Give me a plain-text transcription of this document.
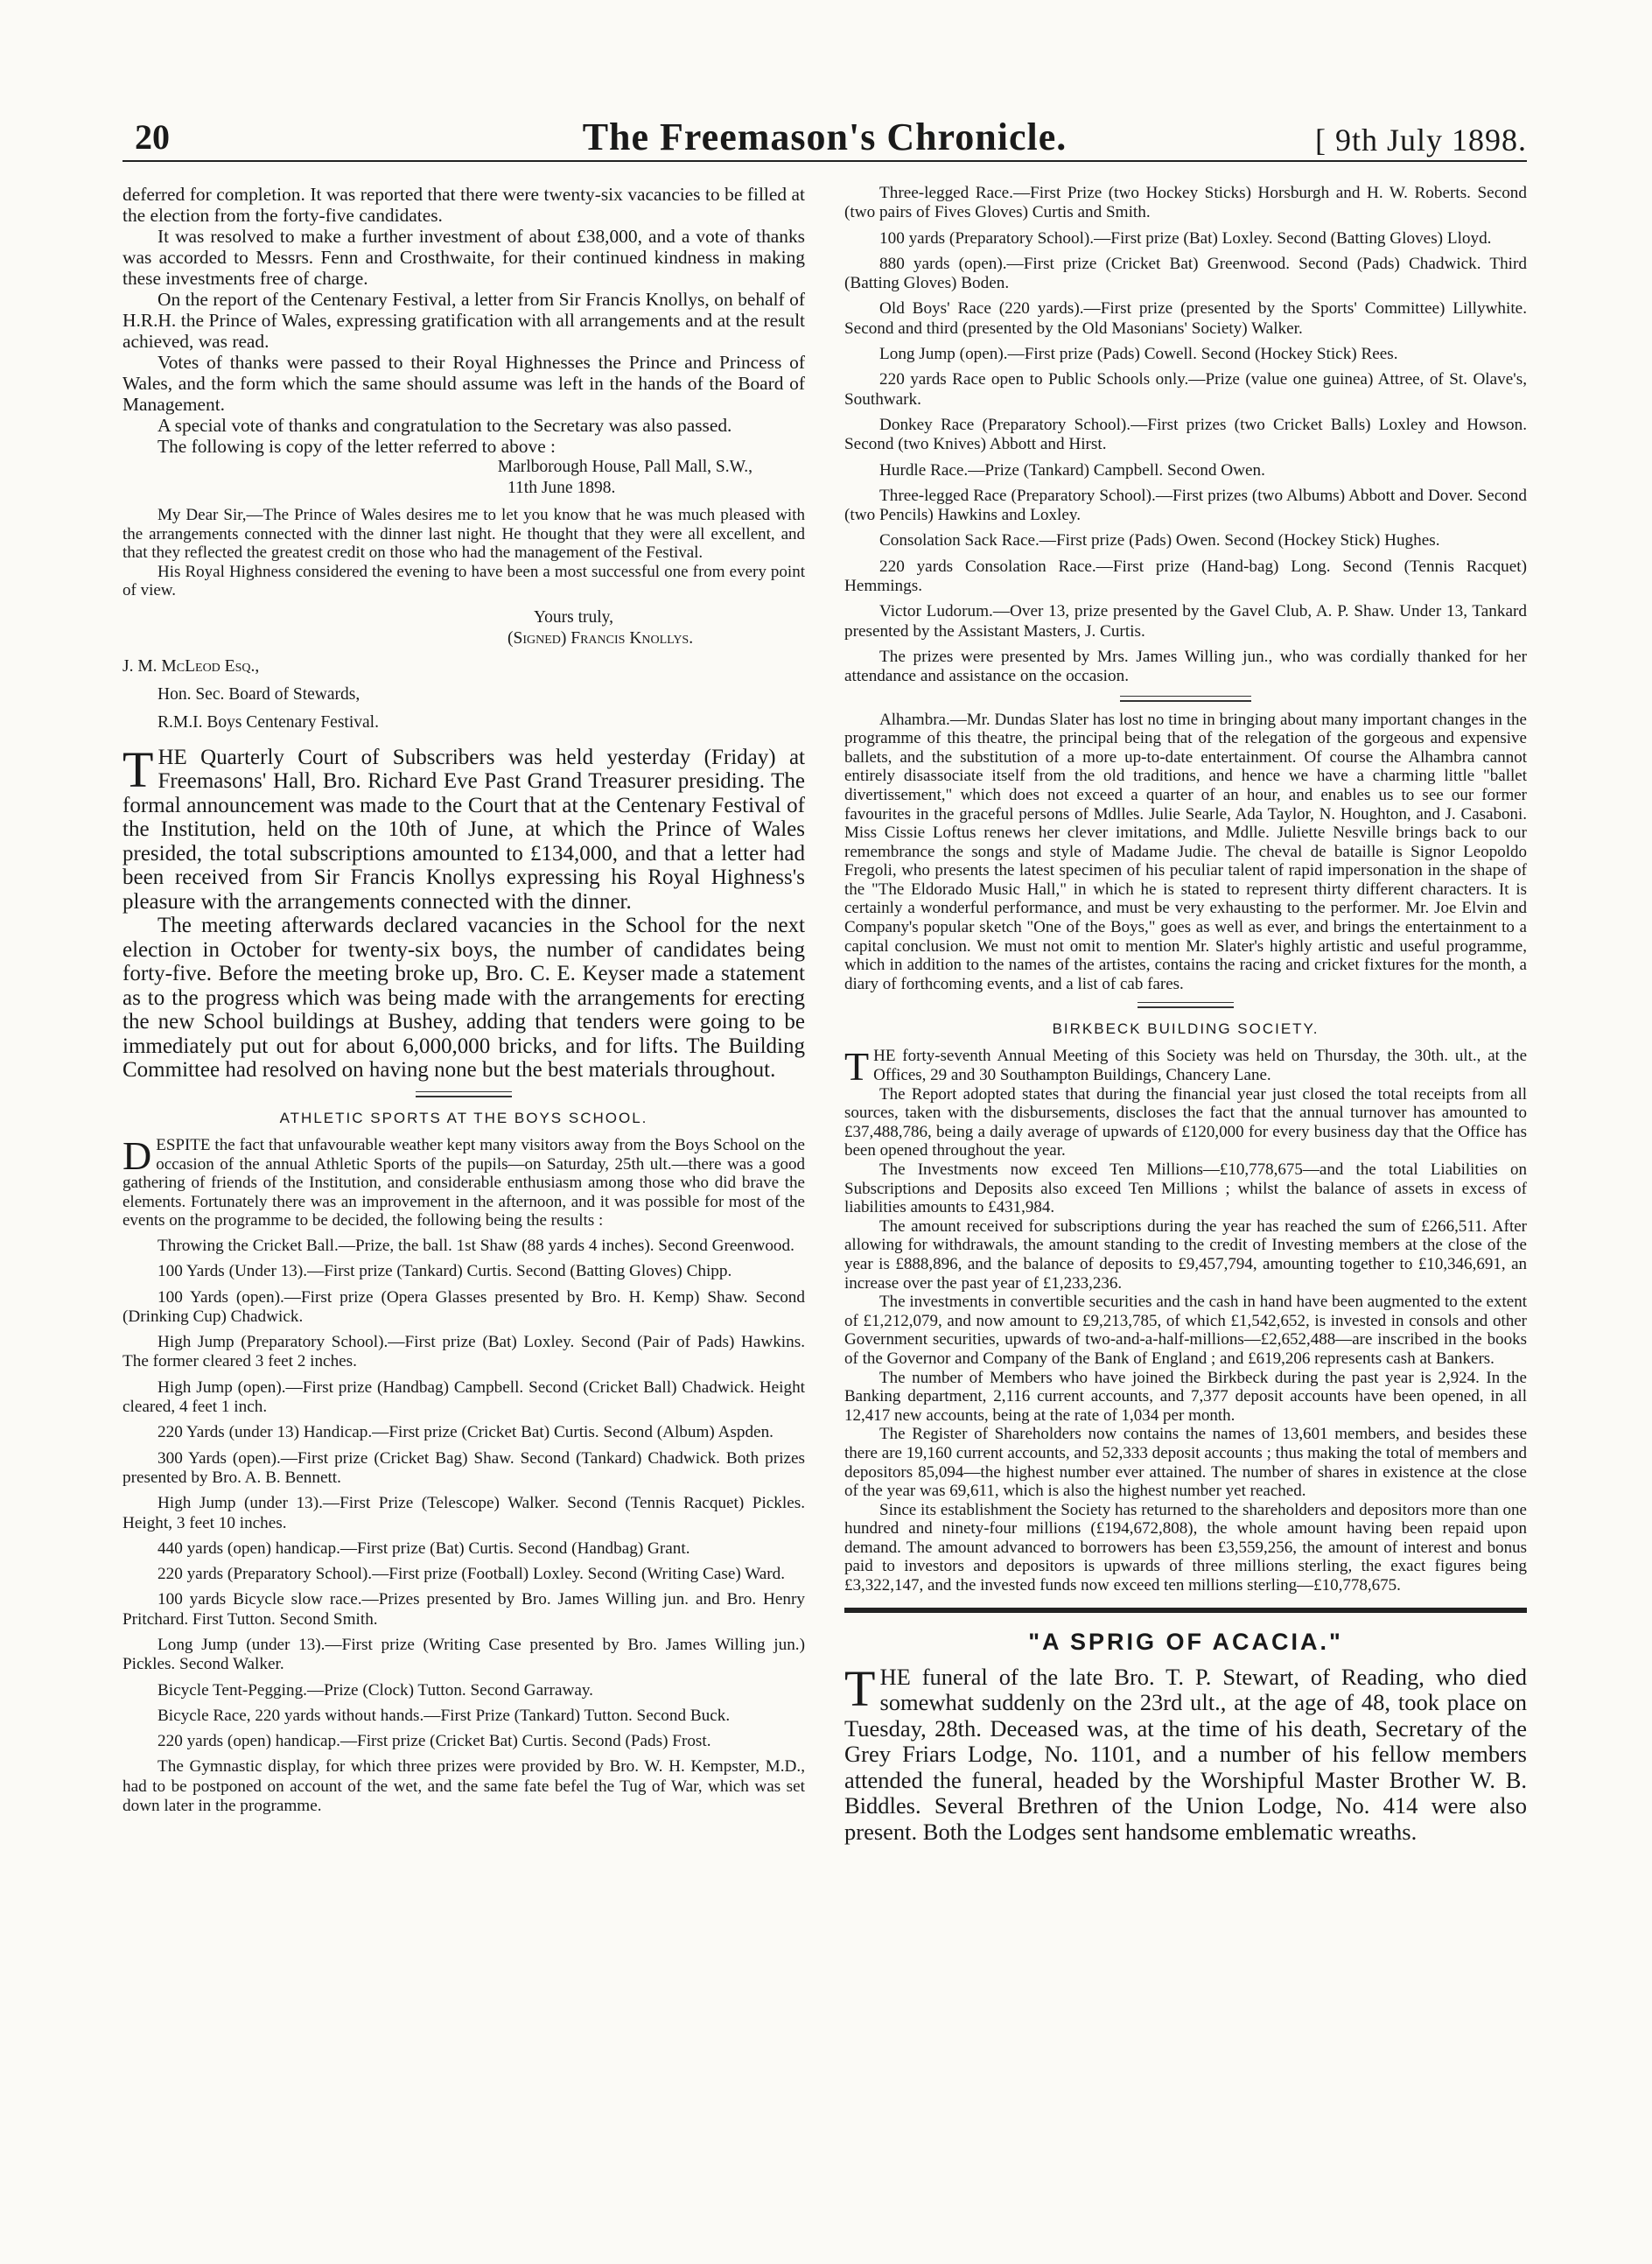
20	The Freemason's Chronicle.	[ 9th July 1898.

deferred for completion. It was reported that there were twenty-six vacancies to be filled at the election from the forty-five candidates.

It was resolved to make a further investment of about £38,000, and a vote of thanks was accorded to Messrs. Fenn and Crosthwaite, for their continued kindness in making these investments free of charge.

On the report of the Centenary Festival, a letter from Sir Francis Knollys, on behalf of H.R.H. the Prince of Wales, expressing gratification with all arrangements and at the result achieved, was read.

Votes of thanks were passed to their Royal Highnesses the Prince and Princess of Wales, and the form which the same should assume was left in the hands of the Board of Management.

A special vote of thanks and congratulation to the Secretary was also passed.

The following is copy of the letter referred to above :

Marlborough House, Pall Mall, S.W.,

11th June 1898.

My Dear Sir,—The Prince of Wales desires me to let you know that he was much pleased with the arrangements connected with the dinner last night. He thought that they were all excellent, and that they reflected the greatest credit on those who had the management of the Festival.

His Royal Highness considered the evening to have been a most successful one from every point of view.

Yours truly,

(Signed) Francis Knollys.

J. M. McLeod Esq.,

Hon. Sec. Board of Stewards,

R.M.I. Boys Centenary Festival.

THE Quarterly Court of Subscribers was held yesterday (Friday) at Freemasons' Hall, Bro. Richard Eve Past Grand Treasurer presiding. The formal announcement was made to the Court that at the Centenary Festival of the Institution, held on the 10th of June, at which the Prince of Wales presided, the total subscriptions amounted to £134,000, and that a letter had been received from Sir Francis Knollys expressing his Royal Highness's pleasure with the arrangements connected with the dinner.

The meeting afterwards declared vacancies in the School for the next election in October for twenty-six boys, the number of candidates being forty-five. Before the meeting broke up, Bro. C. E. Keyser made a statement as to the progress which was being made with the arrangements for erecting the new School buildings at Bushey, adding that tenders were going to be immediately put out for about 6,000,000 bricks, and for lifts. The Building Committee had resolved on having none but the best materials throughout.

ATHLETIC SPORTS AT THE BOYS SCHOOL.

DESPITE the fact that unfavourable weather kept many visitors away from the Boys School on the occasion of the annual Athletic Sports of the pupils—on Saturday, 25th ult.—there was a good gathering of friends of the Institution, and considerable enthusiasm among those who did brave the elements. Fortunately there was an improvement in the afternoon, and it was possible for most of the events on the programme to be decided, the following being the results :

Throwing the Cricket Ball.—Prize, the ball. 1st Shaw (88 yards 4 inches). Second Greenwood.

100 Yards (Under 13).—First prize (Tankard) Curtis. Second (Batting Gloves) Chipp.

100 Yards (open).—First prize (Opera Glasses presented by Bro. H. Kemp) Shaw. Second (Drinking Cup) Chadwick.

High Jump (Preparatory School).—First prize (Bat) Loxley. Second (Pair of Pads) Hawkins. The former cleared 3 feet 2 inches.

High Jump (open).—First prize (Handbag) Campbell. Second (Cricket Ball) Chadwick. Height cleared, 4 feet 1 inch.

220 Yards (under 13) Handicap.—First prize (Cricket Bat) Curtis. Second (Album) Aspden.

300 Yards (open).—First prize (Cricket Bag) Shaw. Second (Tankard) Chadwick. Both prizes presented by Bro. A. B. Bennett.

High Jump (under 13).—First Prize (Telescope) Walker. Second (Tennis Racquet) Pickles. Height, 3 feet 10 inches.

440 yards (open) handicap.—First prize (Bat) Curtis. Second (Handbag) Grant.

220 yards (Preparatory School).—First prize (Football) Loxley. Second (Writing Case) Ward.

100 yards Bicycle slow race.—Prizes presented by Bro. James Willing jun. and Bro. Henry Pritchard. First Tutton. Second Smith.

Long Jump (under 13).—First prize (Writing Case presented by Bro. James Willing jun.) Pickles. Second Walker.

Bicycle Tent-Pegging.—Prize (Clock) Tutton. Second Garraway.

Bicycle Race, 220 yards without hands.—First Prize (Tankard) Tutton. Second Buck.

220 yards (open) handicap.—First prize (Cricket Bat) Curtis. Second (Pads) Frost.

The Gymnastic display, for which three prizes were provided by Bro. W. H. Kempster, M.D., had to be postponed on account of the wet, and the same fate befel the Tug of War, which was set down later in the programme.

Three-legged Race.—First Prize (two Hockey Sticks) Horsburgh and H. W. Roberts. Second (two pairs of Fives Gloves) Curtis and Smith.

100 yards (Preparatory School).—First prize (Bat) Loxley. Second (Batting Gloves) Lloyd.

880 yards (open).—First prize (Cricket Bat) Greenwood. Second (Pads) Chadwick. Third (Batting Gloves) Boden.

Old Boys' Race (220 yards).—First prize (presented by the Sports' Committee) Lillywhite. Second and third (presented by the Old Masonians' Society) Walker.

Long Jump (open).—First prize (Pads) Cowell. Second (Hockey Stick) Rees.

220 yards Race open to Public Schools only.—Prize (value one guinea) Attree, of St. Olave's, Southwark.

Donkey Race (Preparatory School).—First prizes (two Cricket Balls) Loxley and Howson. Second (two Knives) Abbott and Hirst.

Hurdle Race.—Prize (Tankard) Campbell. Second Owen.

Three-legged Race (Preparatory School).—First prizes (two Albums) Abbott and Dover. Second (two Pencils) Hawkins and Loxley.

Consolation Sack Race.—First prize (Pads) Owen. Second (Hockey Stick) Hughes.

220 yards Consolation Race.—First prize (Hand-bag) Long. Second (Tennis Racquet) Hemmings.

Victor Ludorum.—Over 13, prize presented by the Gavel Club, A. P. Shaw. Under 13, Tankard presented by the Assistant Masters, J. Curtis.

The prizes were presented by Mrs. James Willing jun., who was cordially thanked for her attendance and assistance on the occasion.

Alhambra.—Mr. Dundas Slater has lost no time in bringing about many important changes in the programme of this theatre, the principal being that of the relegation of the gorgeous and expensive ballets, and the substitution of a more up-to-date entertainment. Of course the Alhambra cannot entirely disassociate itself from the old traditions, and hence we have a charming little "ballet divertissement," which does not exceed a quarter of an hour, and enables us to see our former favourites in the graceful persons of Mdlles. Julie Searle, Ada Taylor, N. Houghton, and J. Casaboni. Miss Cissie Loftus renews her clever imitations, and Mdlle. Juliette Nesville brings back to our remembrance the songs and style of Madame Judie. The cheval de bataille is Signor Leopoldo Fregoli, who presents the latest specimen of his peculiar talent of rapid impersonation in the shape of the "The Eldorado Music Hall," in which he is stated to represent thirty different characters. It is certainly a wonderful performance, and must be very exhausting to the performer. Mr. Joe Elvin and Company's popular sketch "One of the Boys," goes as well as ever, and brings the entertainment to a capital conclusion. We must not omit to mention Mr. Slater's highly artistic and useful programme, which in addition to the names of the artistes, contains the racing and cricket fixtures for the month, a diary of forthcoming events, and a list of cab fares.

BIRKBECK BUILDING SOCIETY.

THE forty-seventh Annual Meeting of this Society was held on Thursday, the 30th. ult., at the Offices, 29 and 30 Southampton Buildings, Chancery Lane.

The Report adopted states that during the financial year just closed the total receipts from all sources, taken with the disbursements, discloses the fact that the annual turnover has amounted to £37,488,786, being a daily average of upwards of £120,000 for every business day that the Office has been opened throughout the year.

The Investments now exceed Ten Millions—£10,778,675—and the total Liabilities on Subscriptions and Deposits also exceed Ten Millions ; whilst the balance of assets in excess of liabilities amounts to £431,984.

The amount received for subscriptions during the year has reached the sum of £266,511. After allowing for withdrawals, the amount standing to the credit of Investing members at the close of the year is £888,896, and the balance of deposits to £9,457,794, amounting together to £10,346,691, an increase over the past year of £1,233,236.

The investments in convertible securities and the cash in hand have been augmented to the extent of £1,212,079, and now amount to £9,213,785, of which £1,542,652, is invested in consols and other Government securities, upwards of two-and-a-half-millions—£2,652,488—are inscribed in the books of the Governor and Company of the Bank of England ; and £619,206 represents cash at Bankers.

The number of Members who have joined the Birkbeck during the past year is 2,924. In the Banking department, 2,116 current accounts, and 7,377 deposit accounts have been opened, in all 12,417 new accounts, being at the rate of 1,034 per month.

The Register of Shareholders now contains the names of 13,601 members, and besides these there are 19,160 current accounts, and 52,333 deposit accounts ; thus making the total of members and depositors 85,094—the highest number ever attained. The number of shares in existence at the close of the year was 69,611, which is also the highest number yet reached.

Since its establishment the Society has returned to the shareholders and depositors more than one hundred and ninety-four millions (£194,672,808), the whole amount having been repaid upon demand. The amount advanced to borrowers has been £3,559,256, the amount of interest and bonus paid to investors and depositors is upwards of three millions sterling, the exact figures being £3,322,147, and the invested funds now exceed ten millions sterling—£10,778,675.

"A SPRIG OF ACACIA."

THE funeral of the late Bro. T. P. Stewart, of Reading, who died somewhat suddenly on the 23rd ult., at the age of 48, took place on Tuesday, 28th. Deceased was, at the time of his death, Secretary of the Grey Friars Lodge, No. 1101, and a number of his fellow members attended the funeral, headed by the Worshipful Master Brother W. B. Biddles. Several Brethren of the Union Lodge, No. 414 were also present. Both the Lodges sent handsome emblematic wreaths.
